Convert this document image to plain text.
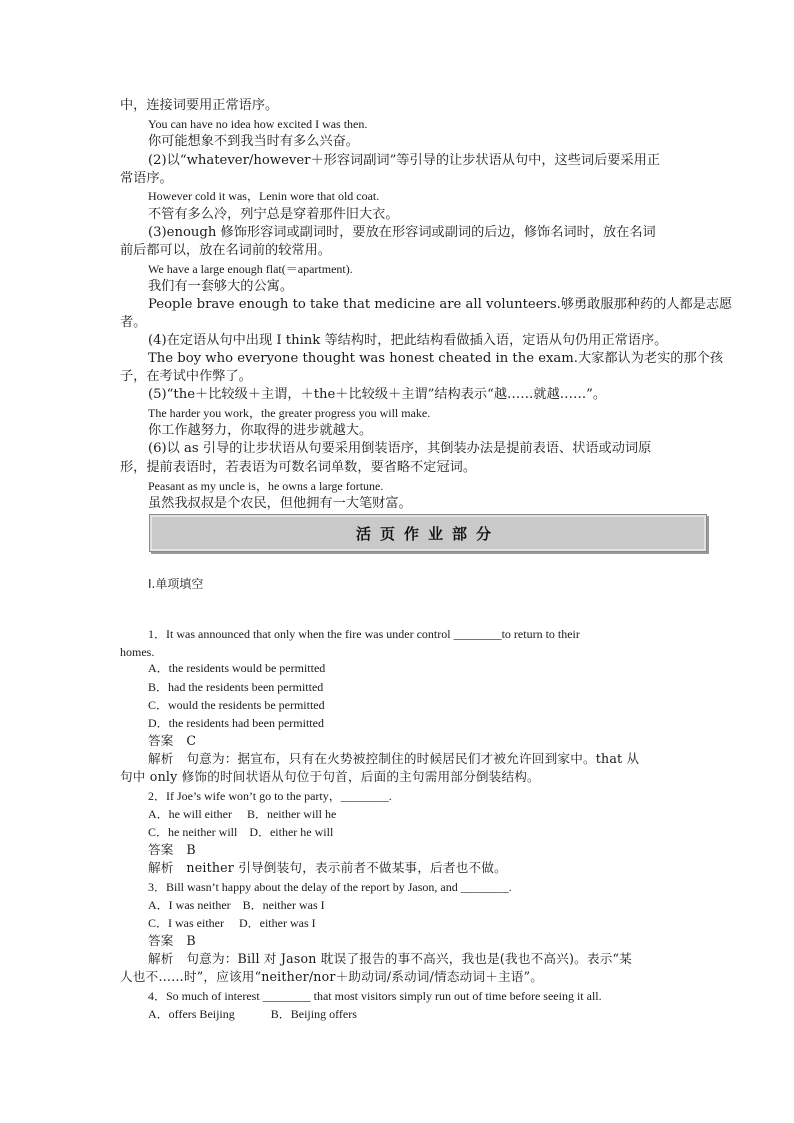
活页作业部分
中，连接词要用正常语序。
You can have no idea how excited I was then.
你可能想象不到我当时有多么兴奋。
(2)以“whatever/however＋形容词副词”等引导的让步状语从句中，这些词后要采用正
常语序。
However cold it was，Lenin wore that old coat.
不管有多么冷，列宁总是穿着那件旧大衣。
(3)enough 修饰形容词或副词时，要放在形容词或副词的后边，修饰名词时，放在名词
前后都可以，放在名词前的较常用。
We have a large enough flat(＝apartment).
我们有一套够大的公寓。
People brave enough to take that medicine are all volunteers.够勇敢服那种药的人都是志愿
者。
(4)在定语从句中出现 I think 等结构时，把此结构看做插入语，定语从句仍用正常语序。
The boy who everyone thought was honest cheated in the exam.大家都认为老实的那个孩
子，在考试中作弊了。
(5)“the＋比较级＋主谓，＋the＋比较级＋主谓”结构表示“越……就越……”。
The harder you work，the greater progress you will make.
你工作越努力，你取得的进步就越大。
(6)以 as 引导的让步状语从句要采用倒装语序，其倒装办法是提前表语、状语或动词原
形，提前表语时，若表语为可数名词单数，要省略不定冠词。
Peasant as my uncle is，he owns a large fortune.
虽然我叔叔是个农民，但他拥有一大笔财富。
Ⅰ.单项填空
1．It was announced that only when the fire was under control ________to return to their
homes.
A．the residents would be permitted
B．had the residents been permitted
C．would the residents be permitted
D．the residents had been permitted
答案　C
解析　句意为：据宣布，只有在火势被控制住的时候居民们才被允许回到家中。that 从
句中 only 修饰的时间状语从句位于句首，后面的主句需用部分倒装结构。
2．If Joe’s wife won’t go to the party，________.
A．he will either　 B．neither will he
C．he neither will　D．either he will
答案　B
解析　neither 引导倒装句，表示前者不做某事，后者也不做。
3．Bill wasn’t happy about the delay of the report by Jason, and ________.
A．I was neither　B．neither was I
C．I was either　 D．either was I
答案　B
解析　句意为：Bill 对 Jason 耽误了报告的事不高兴，我也是(我也不高兴)。表示“某
人也不……时”，应该用“neither/nor＋助动词/系动词/情态动词＋主语”。
4．So much of interest ________ that most visitors simply run out of time before seeing it all.
A．offers Beijing　　　B．Beijing offers
